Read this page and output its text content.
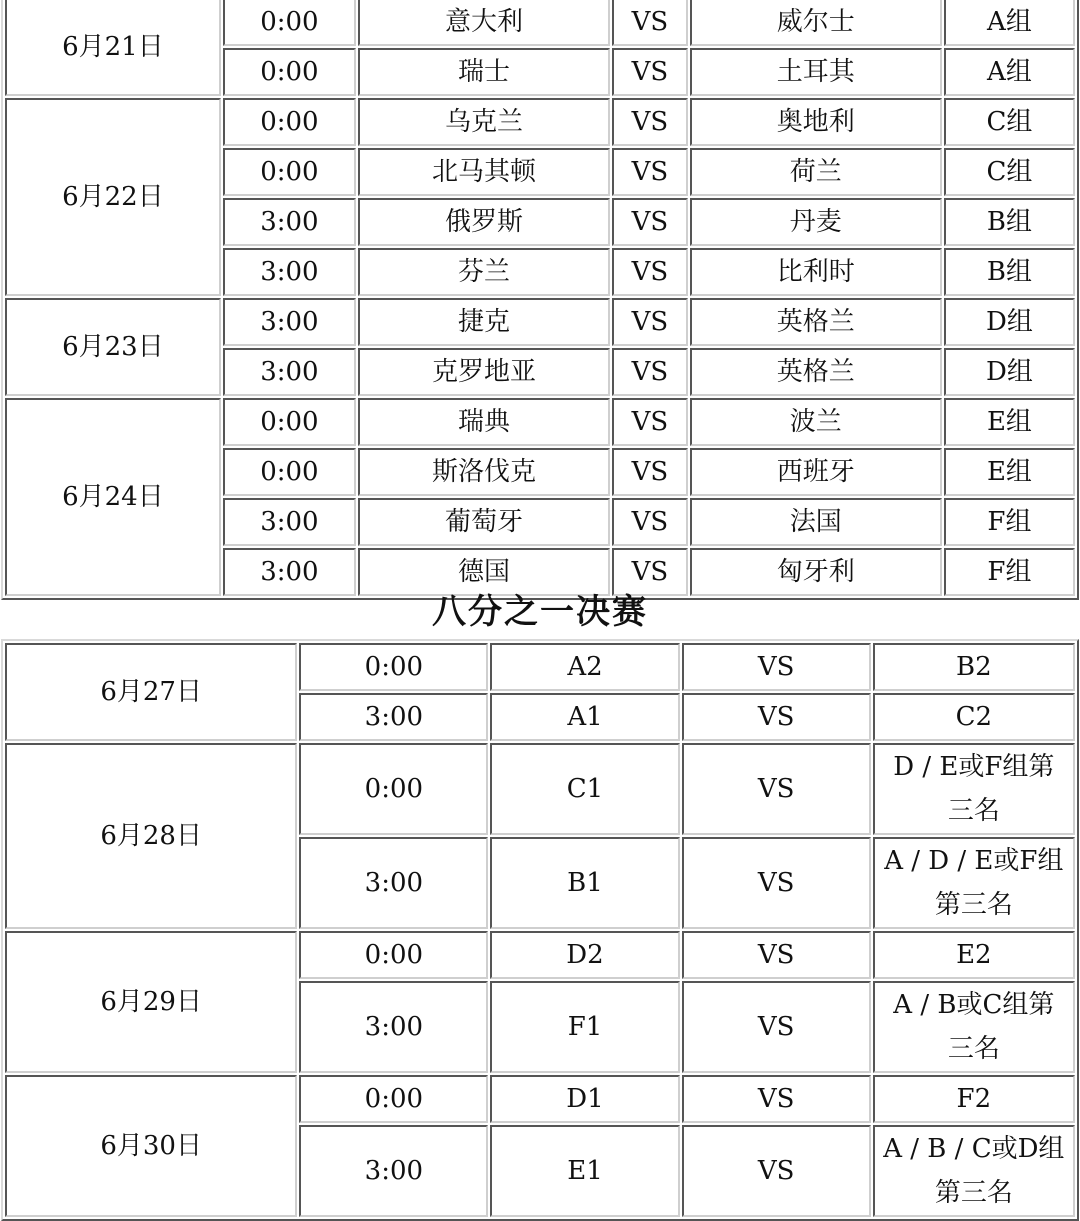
6月21日	0:00	意大利	VS	威尔士	A组
	0:00	瑞士	VS	土耳其	A组
6月22日	0:00	乌克兰	VS	奥地利	C组
	0:00	北马其顿	VS	荷兰	C组
	3:00	俄罗斯	VS	丹麦	B组
	3:00	芬兰	VS	比利时	B组
6月23日	3:00	捷克	VS	英格兰	D组
	3:00	克罗地亚	VS	英格兰	D组
6月24日	0:00	瑞典	VS	波兰	E组
	0:00	斯洛伐克	VS	西班牙	E组
	3:00	葡萄牙	VS	法国	F组
	3:00	德国	VS	匈牙利	F组
八分之一决赛
6月27日	0:00	A2	VS	B2
	3:00	A1	VS	C2
6月28日	0:00	C1	VS	D / E或F组第三名
	3:00	B1	VS	A / D / E或F组第三名
6月29日	0:00	D2	VS	E2
	3:00	F1	VS	A / B或C组第三名
6月30日	0:00	D1	VS	F2
	3:00	E1	VS	A / B / C或D组第三名
